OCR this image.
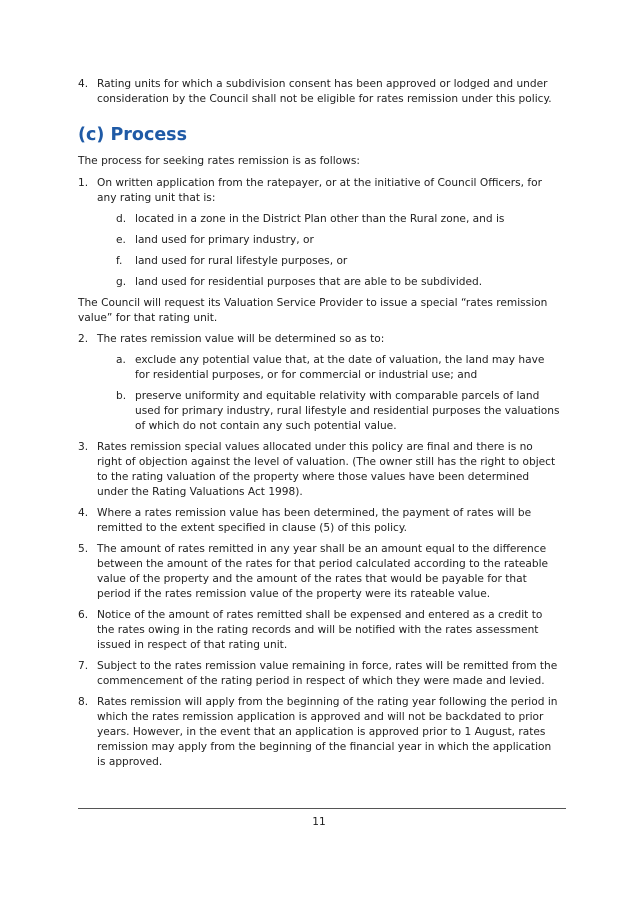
4. Rating units for which a subdivision consent has been approved or lodged and under consideration by the Council shall not be eligible for rates remission under this policy.
(c) Process

The process for seeking rates remission is as follows:

1. On written application from the ratepayer, or at the initiative of Council Officers, for any rating unit that is:
d. located in a zone in the District Plan other than the Rural zone, and is
e. land used for primary industry, or
f. land used for rural lifestyle purposes, or
g. land used for residential purposes that are able to be subdivided.

The Council will request its Valuation Service Provider to issue a special “rates remission value” for that rating unit.

2. The rates remission value will be determined so as to:
a. exclude any potential value that, at the date of valuation, the land may have for residential purposes, or for commercial or industrial use; and
b. preserve uniformity and equitable relativity with comparable parcels of land used for primary industry, rural lifestyle and residential purposes the valuations of which do not contain any such potential value.
3. Rates remission special values allocated under this policy are final and there is no right of objection against the level of valuation. (The owner still has the right to object to the rating valuation of the property where those values have been determined under the Rating Valuations Act 1998).
4. Where a rates remission value has been determined, the payment of rates will be remitted to the extent specified in clause (5) of this policy.
5. The amount of rates remitted in any year shall be an amount equal to the difference between the amount of the rates for that period calculated according to the rateable value of the property and the amount of the rates that would be payable for that period if the rates remission value of the property were its rateable value.
6. Notice of the amount of rates remitted shall be expensed and entered as a credit to the rates owing in the rating records and will be notified with the rates assessment issued in respect of that rating unit.
7. Subject to the rates remission value remaining in force, rates will be remitted from the commencement of the rating period in respect of which they were made and levied.
8. Rates remission will apply from the beginning of the rating year following the period in which the rates remission application is approved and will not be backdated to prior years. However, in the event that an application is approved prior to 1 August, rates remission may apply from the beginning of the financial year in which the application is approved.
11
